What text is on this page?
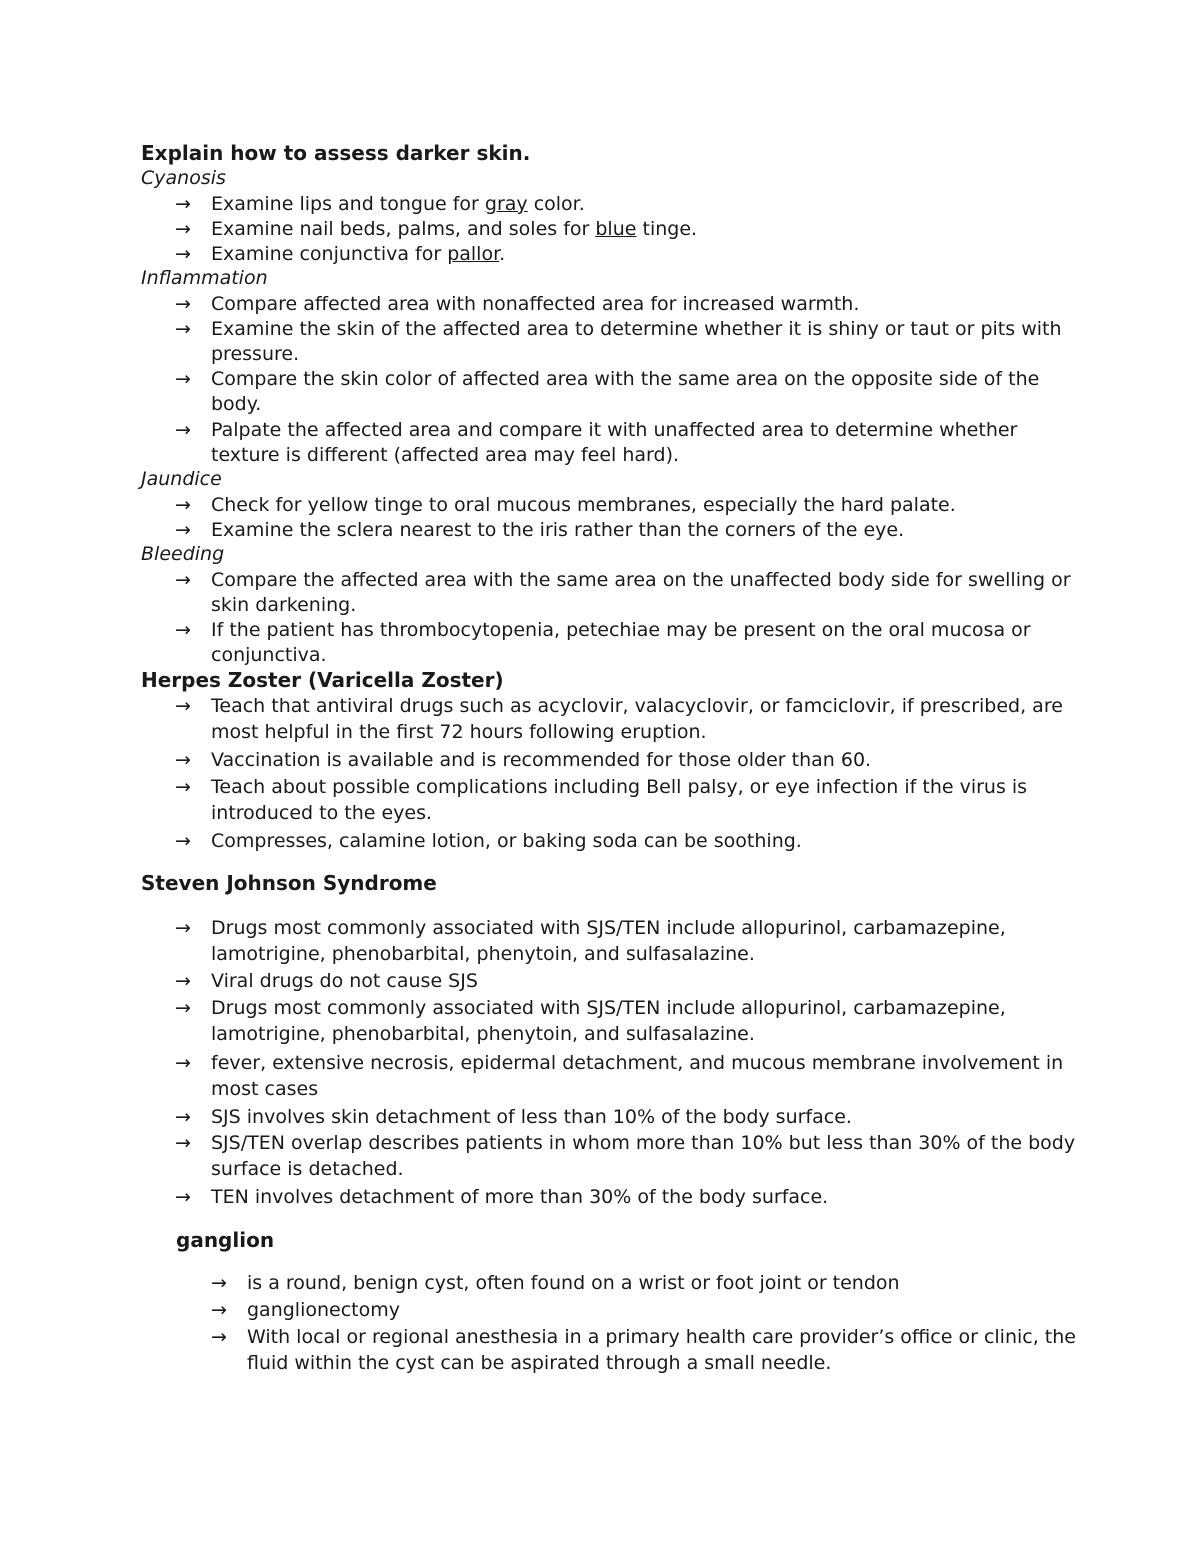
Explain how to assess darker skin.
Cyanosis
→ Examine lips and tongue for gray color.
→ Examine nail beds, palms, and soles for blue tinge.
→ Examine conjunctiva for pallor.
Inflammation
→ Compare affected area with nonaffected area for increased warmth.
→ Examine the skin of the affected area to determine whether it is shiny or taut or pits with pressure.
→ Compare the skin color of affected area with the same area on the opposite side of the body.
→ Palpate the affected area and compare it with unaffected area to determine whether texture is different (affected area may feel hard).
Jaundice
→ Check for yellow tinge to oral mucous membranes, especially the hard palate.
→ Examine the sclera nearest to the iris rather than the corners of the eye.
Bleeding
→ Compare the affected area with the same area on the unaffected body side for swelling or skin darkening.
→ If the patient has thrombocytopenia, petechiae may be present on the oral mucosa or conjunctiva.
Herpes Zoster (Varicella Zoster)
→ Teach that antiviral drugs such as acyclovir, valacyclovir, or famciclovir, if prescribed, are most helpful in the first 72 hours following eruption.
→ Vaccination is available and is recommended for those older than 60.
→ Teach about possible complications including Bell palsy, or eye infection if the virus is introduced to the eyes.
→ Compresses, calamine lotion, or baking soda can be soothing.
Steven Johnson Syndrome
→ Drugs most commonly associated with SJS/TEN include allopurinol, carbamazepine, lamotrigine, phenobarbital, phenytoin, and sulfasalazine.
→ Viral drugs do not cause SJS
→ Drugs most commonly associated with SJS/TEN include allopurinol, carbamazepine, lamotrigine, phenobarbital, phenytoin, and sulfasalazine.
→ fever, extensive necrosis, epidermal detachment, and mucous membrane involvement in most cases
→ SJS involves skin detachment of less than 10% of the body surface.
→ SJS/TEN overlap describes patients in whom more than 10% but less than 30% of the body surface is detached.
→ TEN involves detachment of more than 30% of the body surface.
ganglion
→ is a round, benign cyst, often found on a wrist or foot joint or tendon
→ ganglionectomy
→ With local or regional anesthesia in a primary health care provider’s office or clinic, the fluid within the cyst can be aspirated through a small needle.
